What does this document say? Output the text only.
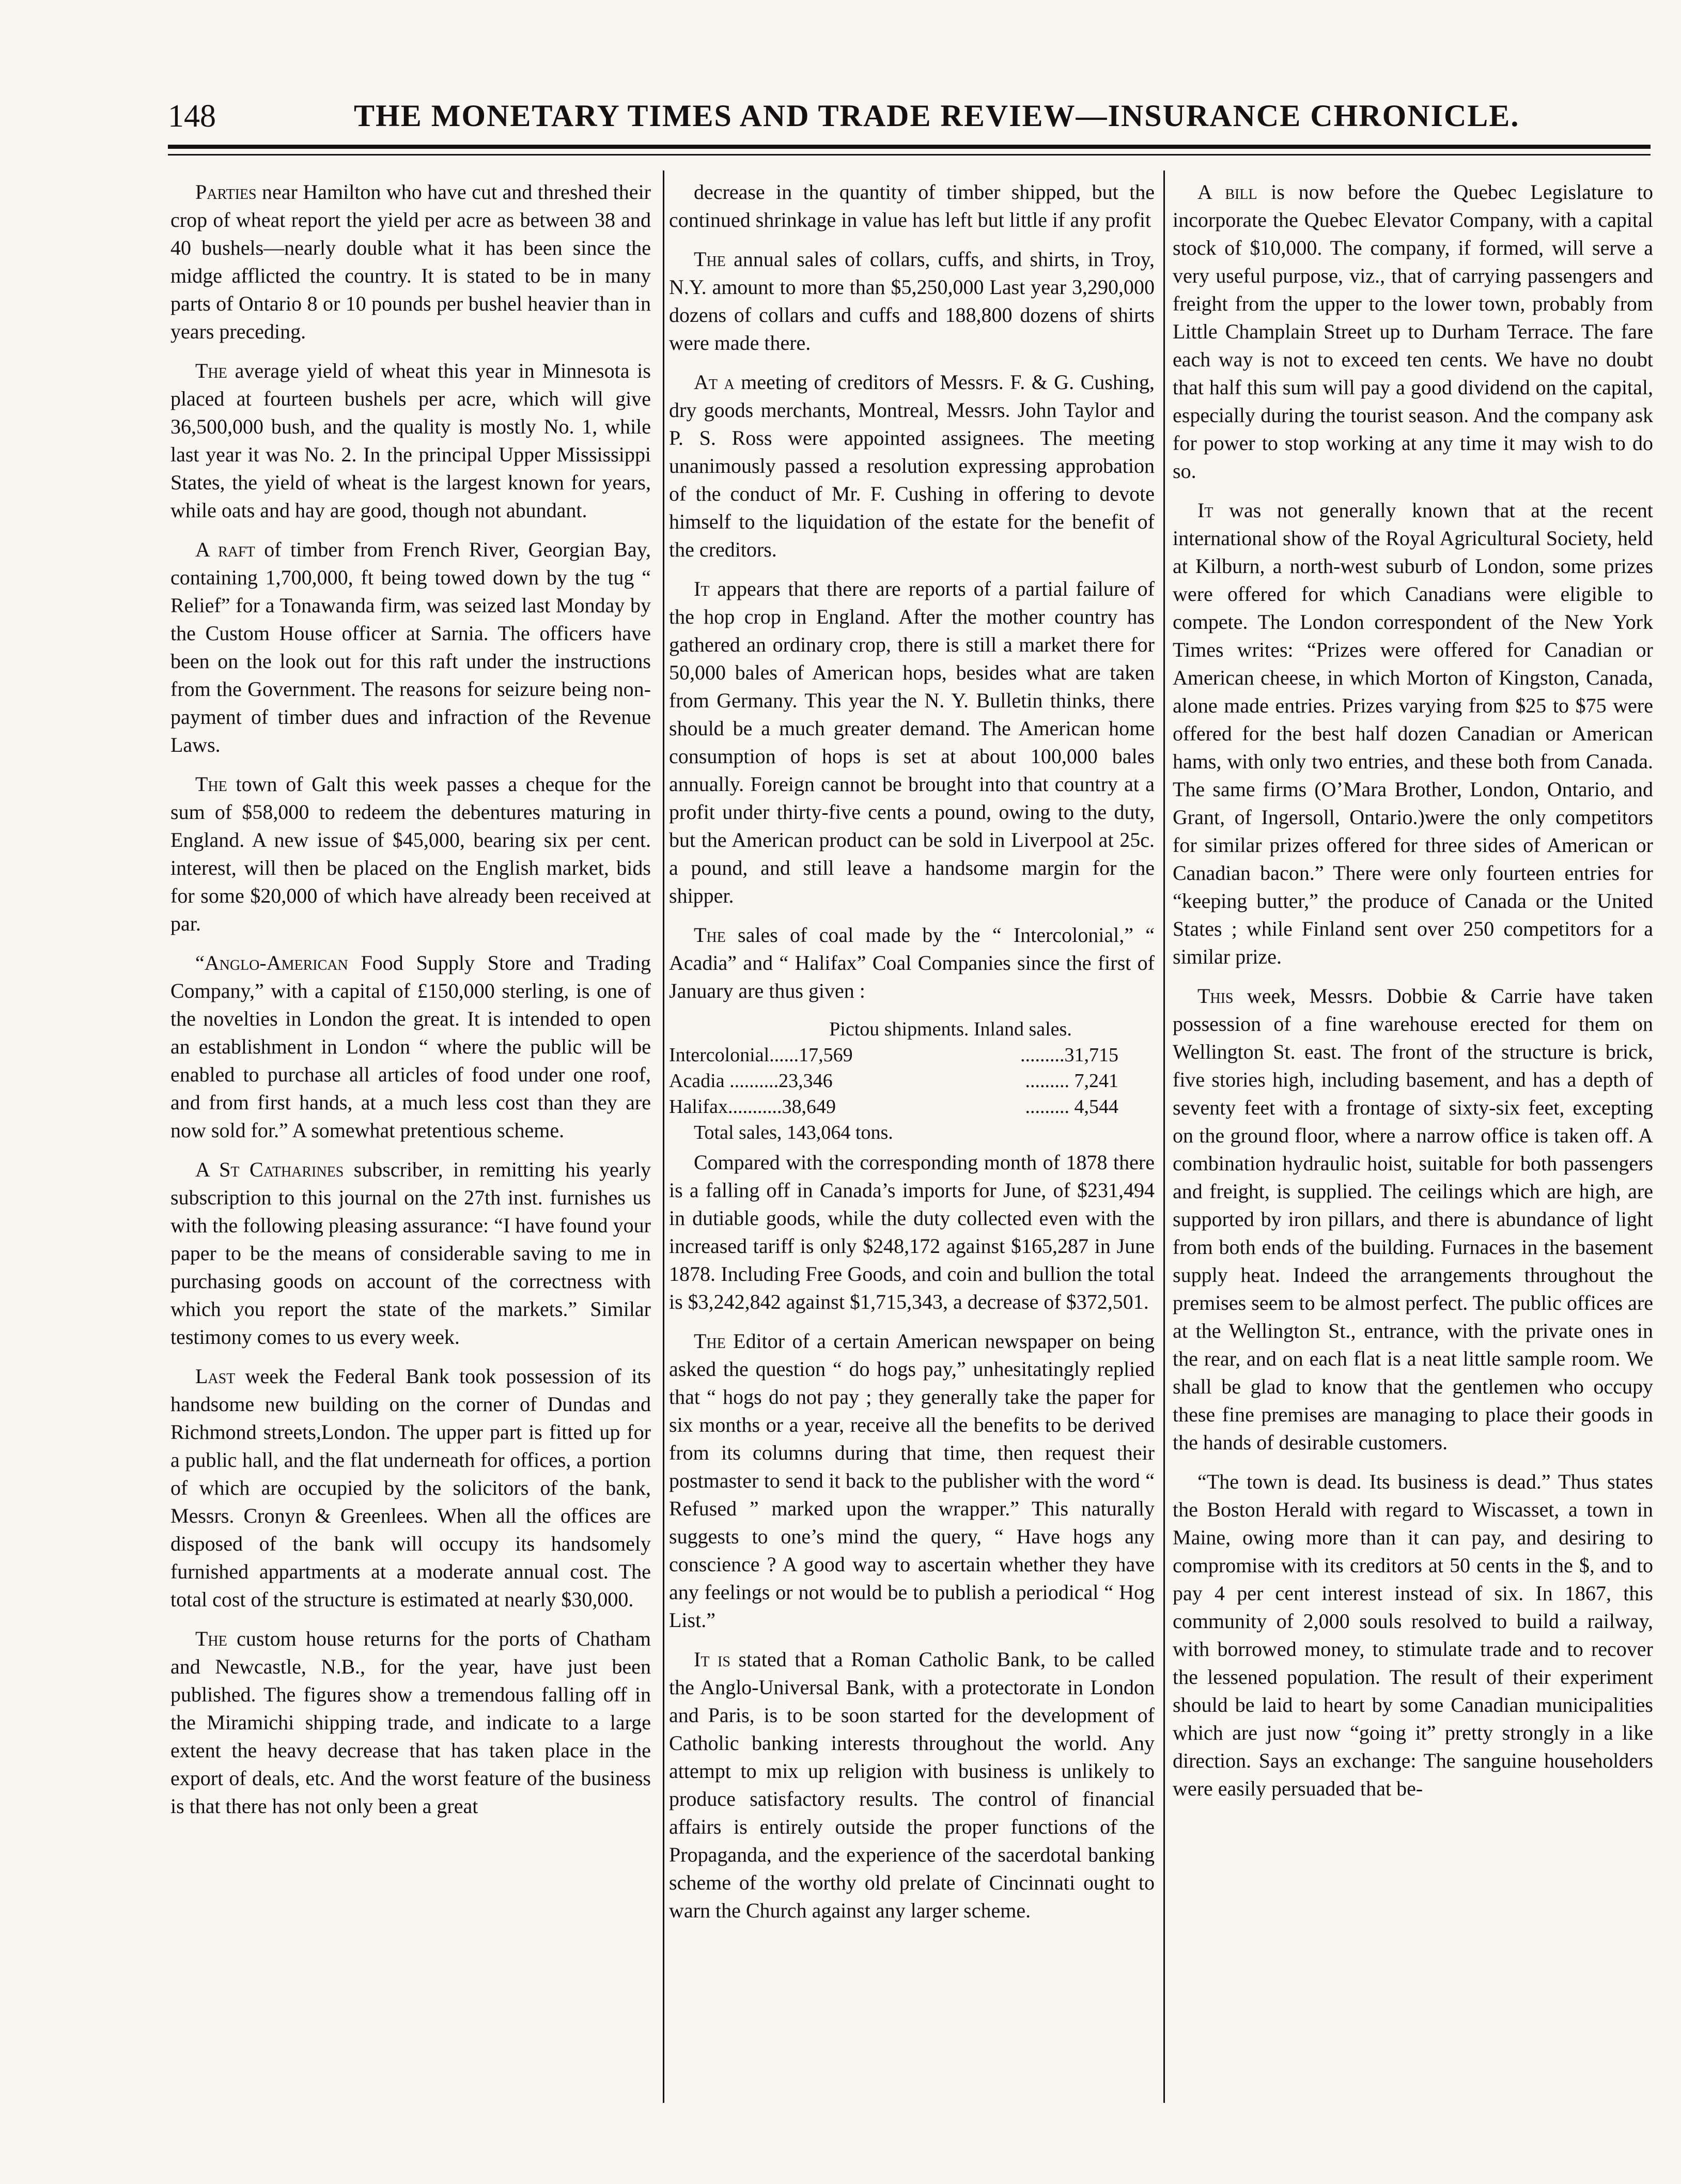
148	THE MONETARY TIMES AND TRADE REVIEW—INSURANCE CHRONICLE.

Parties near Hamilton who have cut and threshed their crop of wheat report the yield per acre as between 38 and 40 bushels—nearly double what it has been since the midge afflicted the country. It is stated to be in many parts of Ontario 8 or 10 pounds per bushel heavier than in years preceding.

The average yield of wheat this year in Minnesota is placed at fourteen bushels per acre, which will give 36,500,000 bush, and the quality is mostly No. 1, while last year it was No. 2. In the principal Upper Mississippi States, the yield of wheat is the largest known for years, while oats and hay are good, though not abundant.

A raft of timber from French River, Georgian Bay, containing 1,700,000, ft being towed down by the tug “ Relief” for a Tonawanda firm, was seized last Monday by the Custom House officer at Sarnia. The officers have been on the look out for this raft under the instructions from the Government. The reasons for seizure being non-payment of timber dues and infraction of the Revenue Laws.

The town of Galt this week passes a cheque for the sum of $58,000 to redeem the debentures maturing in England. A new issue of $45,000, bearing six per cent. interest, will then be placed on the English market, bids for some $20,000 of which have already been received at par.

“Anglo-American Food Supply Store and Trading Company,” with a capital of £150,000 sterling, is one of the novelties in London the great. It is intended to open an establishment in London “ where the public will be enabled to purchase all articles of food under one roof, and from first hands, at a much less cost than they are now sold for.” A somewhat pretentious scheme.

A St Catharines subscriber, in remitting his yearly subscription to this journal on the 27th inst. furnishes us with the following pleasing assurance: “I have found your paper to be the means of considerable saving to me in purchasing goods on account of the correctness with which you report the state of the markets.” Similar testimony comes to us every week.

Last week the Federal Bank took possession of its handsome new building on the corner of Dundas and Richmond streets,London. The upper part is fitted up for a public hall, and the flat underneath for offices, a portion of which are occupied by the solicitors of the bank, Messrs. Cronyn & Greenlees. When all the offices are disposed of the bank will occupy its handsomely furnished appartments at a moderate annual cost. The total cost of the structure is estimated at nearly $30,000.

The custom house returns for the ports of Chatham and Newcastle, N.B., for the year, have just been published. The figures show a tremendous falling off in the Miramichi shipping trade, and indicate to a large extent the heavy decrease that has taken place in the export of deals, etc. And the worst feature of the business is that there has not only been a great

decrease in the quantity of timber shipped, but the continued shrinkage in value has left but little if any profit

The annual sales of collars, cuffs, and shirts, in Troy, N.Y. amount to more than $5,250,000 Last year 3,290,000 dozens of collars and cuffs and 188,800 dozens of shirts were made there.

At a meeting of creditors of Messrs. F. & G. Cushing, dry goods merchants, Montreal, Messrs. John Taylor and P. S. Ross were appointed assignees. The meeting unanimously passed a resolution expressing approbation of the conduct of Mr. F. Cushing in offering to devote himself to the liquidation of the estate for the benefit of the creditors.

It appears that there are reports of a partial failure of the hop crop in England. After the mother country has gathered an ordinary crop, there is still a market there for 50,000 bales of American hops, besides what are taken from Germany. This year the N. Y. Bulletin thinks, there should be a much greater demand. The American home consumption of hops is set at about 100,000 bales annually. Foreign cannot be brought into that country at a profit under thirty-five cents a pound, owing to the duty, but the American product can be sold in Liverpool at 25c. a pound, and still leave a handsome margin for the shipper.

The sales of coal made by the “ Intercolonial,” “ Acadia” and “ Halifax” Coal Companies since the first of January are thus given :

Pictou shipments. Inland sales.
Intercolonial......17,569	.........31,715
Acadia ..........23,346	......... 7,241
Halifax...........38,649	......... 4,544
Total sales, 143,064 tons.

Compared with the corresponding month of 1878 there is a falling off in Canada’s imports for June, of $231,494 in dutiable goods, while the duty collected even with the increased tariff is only $248,172 against $165,287 in June 1878. Including Free Goods, and coin and bullion the total is $3,242,842 against $1,715,343, a decrease of $372,501.

The Editor of a certain American newspaper on being asked the question “ do hogs pay,” unhesitatingly replied that “ hogs do not pay ; they generally take the paper for six months or a year, receive all the benefits to be derived from its columns during that time, then request their postmaster to send it back to the publisher with the word “ Refused ” marked upon the wrapper.” This naturally suggests to one’s mind the query, “ Have hogs any conscience ? A good way to ascertain whether they have any feelings or not would be to publish a periodical “ Hog List.”

It is stated that a Roman Catholic Bank, to be called the Anglo-Universal Bank, with a protectorate in London and Paris, is to be soon started for the development of Catholic banking interests throughout the world. Any attempt to mix up religion with business is unlikely to produce satisfactory results. The control of financial affairs is entirely outside the proper functions of the Propaganda, and the experience of the sacerdotal banking scheme of the worthy old prelate of Cincinnati ought to warn the Church against any larger scheme.

A bill is now before the Quebec Legislature to incorporate the Quebec Elevator Company, with a capital stock of $10,000. The company, if formed, will serve a very useful purpose, viz., that of carrying passengers and freight from the upper to the lower town, probably from Little Champlain Street up to Durham Terrace. The fare each way is not to exceed ten cents. We have no doubt that half this sum will pay a good dividend on the capital, especially during the tourist season. And the company ask for power to stop working at any time it may wish to do so.

It was not generally known that at the recent international show of the Royal Agricultural Society, held at Kilburn, a north-west suburb of London, some prizes were offered for which Canadians were eligible to compete. The London correspondent of the New York Times writes: “Prizes were offered for Canadian or American cheese, in which Morton of Kingston, Canada, alone made entries. Prizes varying from $25 to $75 were offered for the best half dozen Canadian or American hams, with only two entries, and these both from Canada. The same firms (O’Mara Brother, London, Ontario, and Grant, of Ingersoll, Ontario.)were the only competitors for similar prizes offered for three sides of American or Canadian bacon.” There were only fourteen entries for “keeping butter,” the produce of Canada or the United States ; while Finland sent over 250 competitors for a similar prize.

This week, Messrs. Dobbie & Carrie have taken possession of a fine warehouse erected for them on Wellington St. east. The front of the structure is brick, five stories high, including basement, and has a depth of seventy feet with a frontage of sixty-six feet, excepting on the ground floor, where a narrow office is taken off. A combination hydraulic hoist, suitable for both passengers and freight, is supplied. The ceilings which are high, are supported by iron pillars, and there is abundance of light from both ends of the building. Furnaces in the basement supply heat. Indeed the arrangements throughout the premises seem to be almost perfect. The public offices are at the Wellington St., entrance, with the private ones in the rear, and on each flat is a neat little sample room. We shall be glad to know that the gentlemen who occupy these fine premises are managing to place their goods in the hands of desirable customers.

“The town is dead. Its business is dead.” Thus states the Boston Herald with regard to Wiscasset, a town in Maine, owing more than it can pay, and desiring to compromise with its creditors at 50 cents in the $, and to pay 4 per cent interest instead of six. In 1867, this community of 2,000 souls resolved to build a railway, with borrowed money, to stimulate trade and to recover the lessened population. The result of their experiment should be laid to heart by some Canadian municipalities which are just now “going it” pretty strongly in a like direction. Says an exchange: The sanguine householders were easily persuaded that be-
